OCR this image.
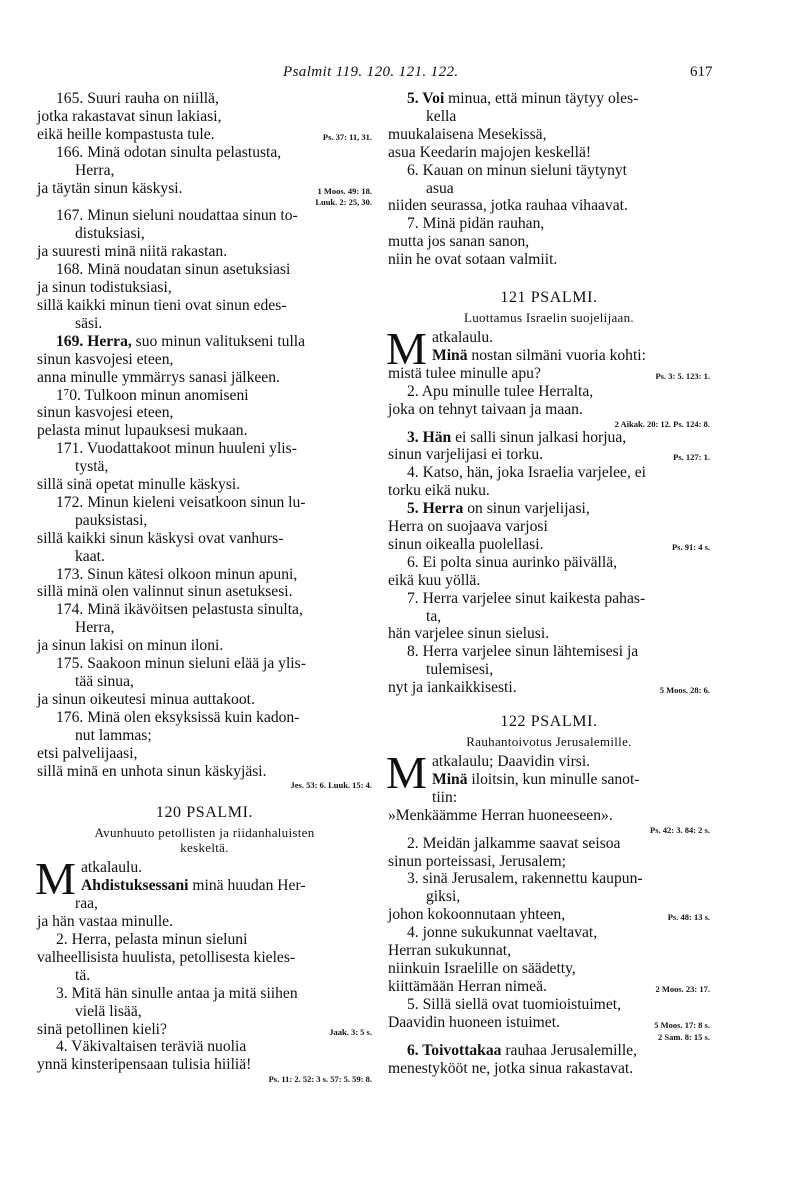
Psalmit 119. 120. 121. 122.	617
165. Suuri rauha on niillä,
jotka rakastavat sinun lakiasi,
eikä heille kompastusta tule.	Ps. 37: 11, 31.
166. Minä odotan sinulta pelastusta,
Herra,
ja täytän sinun käskysi.	1 Moos. 49: 18.
Luuk. 2: 25, 30.
167. Minun sieluni noudattaa sinun to-
distuksiasi,
ja suuresti minä niitä rakastan.
168. Minä noudatan sinun asetuksiasi
ja sinun todistuksiasi,
sillä kaikki minun tieni ovat sinun edes-
säsi.
169. Herra, suo minun valitukseni tulla
sinun kasvojesi eteen,
anna minulle ymmärrys sanasi jälkeen.
1⁷0. Tulkoon minun anomiseni
sinun kasvojesi eteen,
pelasta minut lupauksesi mukaan.
171. Vuodattakoot minun huuleni ylis-
tystä,
sillä sinä opetat minulle käskysi.
172. Minun kieleni veisatkoon sinun lu-
pauksistasi,
sillä kaikki sinun käskysi ovat vanhurs-
kaat.
173. Sinun kätesi olkoon minun apuni,
sillä minä olen valinnut sinun asetuksesi.
174. Minä ikävöitsen pelastusta sinulta,
Herra,
ja sinun lakisi on minun iloni.
175. Saakoon minun sieluni elää ja ylis-
tää sinua,
ja sinun oikeutesi minua auttakoot.
176. Minä olen eksyksissä kuin kadon-
nut lammas;
etsi palvelijaasi,
sillä minä en unhota sinun käskyjäsi.
Jes. 53: 6. Luuk. 15: 4.
120 PSALMI.
Avunhuuto petollisten ja riidanhaluisten
keskeltä.
M atkalaulu.
Ahdistuksessani minä huudan Her-
raa,
ja hän vastaa minulle.
2. Herra, pelasta minun sieluni
valheellisista huulista, petollisesta kieles-
tä.
3. Mitä hän sinulle antaa ja mitä siihen
vielä lisää,
sinä petollinen kieli?	Jaak. 3: 5 s.
4. Väkivaltaisen teräviä nuolia
ynnä kinsteripensaan tulisia hiiliä!
Ps. 11: 2. 52: 3 s. 57: 5. 59: 8.
5. Voi minua, että minun täytyy oles-
kella
muukalaisena Mesekissä,
asua Keedarin majojen keskellä!
6. Kauan on minun sieluni täytynyt
asua
niiden seurassa, jotka rauhaa vihaavat.
7. Minä pidän rauhan,
mutta jos sanan sanon,
niin he ovat sotaan valmiit.
121 PSALMI.
Luottamus Israelin suojelijaan.
M atkalaulu.
Minä nostan silmäni vuoria kohti:
mistä tulee minulle apu?	Ps. 3: 5. 123: 1.
2. Apu minulle tulee Herralta,
joka on tehnyt taivaan ja maan.
2 Aikak. 20: 12. Ps. 124: 8.
3. Hän ei salli sinun jalkasi horjua,
sinun varjelijasi ei torku.	Ps. 127: 1.
4. Katso, hän, joka Israelia varjelee, ei
torku eikä nuku.
5. Herra on sinun varjelijasi,
Herra on suojaava varjosi
sinun oikealla puolellasi.	Ps. 91: 4 s.
6. Ei polta sinua aurinko päivällä,
eikä kuu yöllä.
7. Herra varjelee sinut kaikesta pahas-
ta,
hän varjelee sinun sielusi.
8. Herra varjelee sinun lähtemisesi ja
tulemisesi,
nyt ja iankaikkisesti.	5 Moos. 28: 6.
122 PSALMI.
Rauhantoivotus Jerusalemille.
M atkalaulu; Daavidin virsi.
Minä iloitsin, kun minulle sanot-
tiin:
»Menkäämme Herran huoneeseen».
Ps. 42: 3. 84: 2 s.
2. Meidän jalkamme saavat seisoa
sinun porteissasi, Jerusalem;
3. sinä Jerusalem, rakennettu kaupun-
giksi,
johon kokoonnutaan yhteen,	Ps. 48: 13 s.
4. jonne sukukunnat vaeltavat,
Herran sukukunnat,
niinkuin Israelille on säädetty,
kiittämään Herran nimeä.	2 Moos. 23: 17.
5. Sillä siellä ovat tuomioistuimet,
Daavidin huoneen istuimet.	5 Moos. 17: 8 s.
2 Sam. 8: 15 s.
6. Toivottakaa rauhaa Jerusalemille,
menestykööt ne, jotka sinua rakastavat.
